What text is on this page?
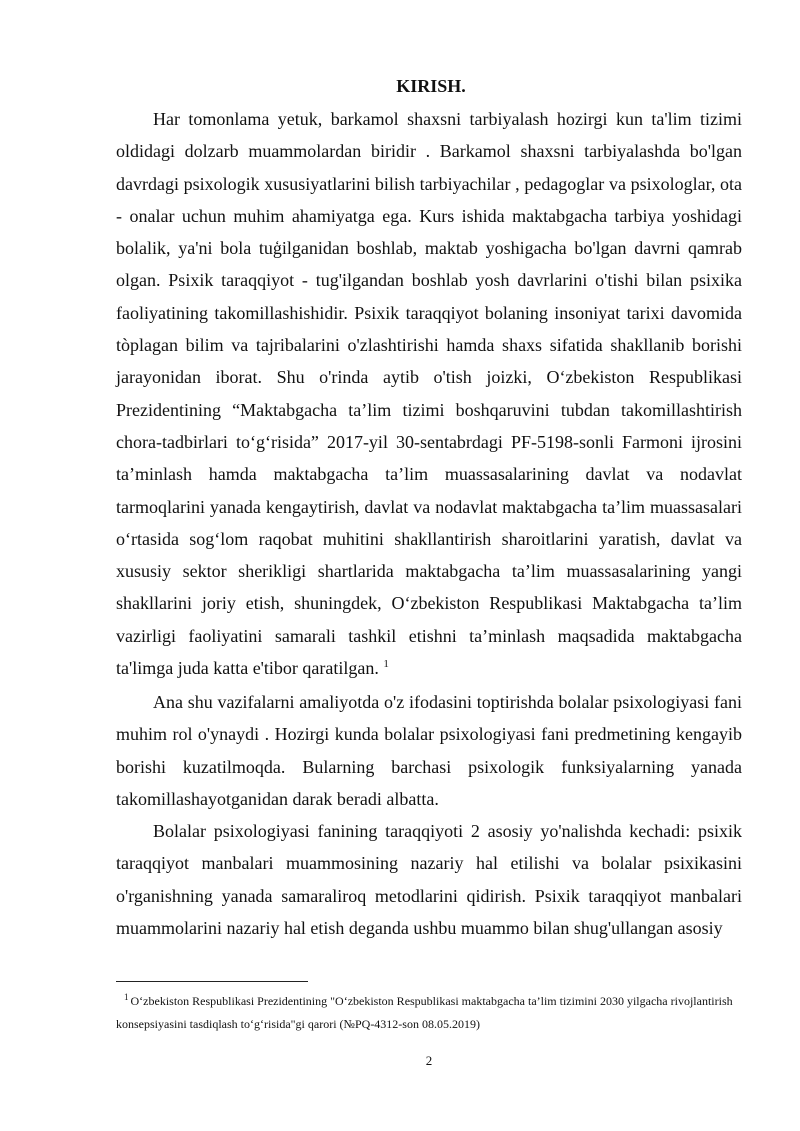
KIRISH.
Har tomonlama yetuk, barkamol shaxsni tarbiyalash hozirgi kun ta'lim tizimi oldidagi dolzarb muammolardan biridir . Barkamol shaxsni tarbiyalashda bo'lgan davrdagi psixologik xususiyatlarini bilish tarbiyachilar , pedagoglar va psixologlar, ota - onalar uchun muhim ahamiyatga ega. Kurs ishida maktabgacha tarbiya yoshidagi bolalik, ya'ni bola tuģilganidan boshlab, maktab yoshigacha bo'lgan davrni qamrab olgan. Psixik taraqqiyot - tug'ilgandan boshlab yosh davrlarini o'tishi bilan psixika faoliyatining takomillashishidir. Psixik taraqqiyot bolaning insoniyat tarixi davomida tòplagan bilim va tajribalarini o'zlashtirishi hamda shaxs sifatida shakllanib borishi jarayonidan iborat. Shu o'rinda aytib o'tish joizki, O‘zbekiston Respublikasi Prezidentining “Maktabgacha ta’lim tizimi boshqaruvini tubdan takomillashtirish chora-tadbirlari to‘g‘risida” 2017-yil 30-sentabrdagi PF-5198-sonli Farmoni ijrosini ta’minlash hamda maktabgacha ta’lim muassasalarining davlat va nodavlat tarmoqlarini yanada kengaytirish, davlat va nodavlat maktabgacha ta’lim muassasalari o‘rtasida sog‘lom raqobat muhitini shakllantirish sharoitlarini yaratish, davlat va xususiy sektor sherikligi shartlarida maktabgacha ta’lim muassasalarining yangi shakllarini joriy etish, shuningdek, O‘zbekiston Respublikasi Maktabgacha ta’lim vazirligi faoliyatini samarali tashkil etishni ta’minlash maqsadida maktabgacha ta'limga juda katta e'tibor qaratilgan. $^1$
Ana shu vazifalarni amaliyotda o'z ifodasini toptirishda bolalar psixologiyasi fani muhim rol o'ynaydi . Hozirgi kunda bolalar psixologiyasi fani predmetining kengayib borishi kuzatilmoqda. Bularning barchasi psixologik funksiyalarning yanada takomillashayotganidan darak beradi albatta.
Bolalar psixologiyasi fanining taraqqiyoti 2 asosiy yo'nalishda kechadi: psixik taraqqiyot manbalari muammosining nazariy hal etilishi va bolalar psixikasini o'rganishning yanada samaraliroq metodlarini qidirish. Psixik taraqqiyot manbalari muammolarini nazariy hal etish deganda ushbu muammo bilan shug'ullangan asosiy
$^1$ O‘zbekiston Respublikasi Prezidentining "O‘zbekiston Respublikasi maktabgacha ta’lim tizimini 2030 yilgacha rivojlantirish konsepsiyasini tasdiqlash to‘g‘risida"gi qarori (№PQ-4312-son 08.05.2019)
2
